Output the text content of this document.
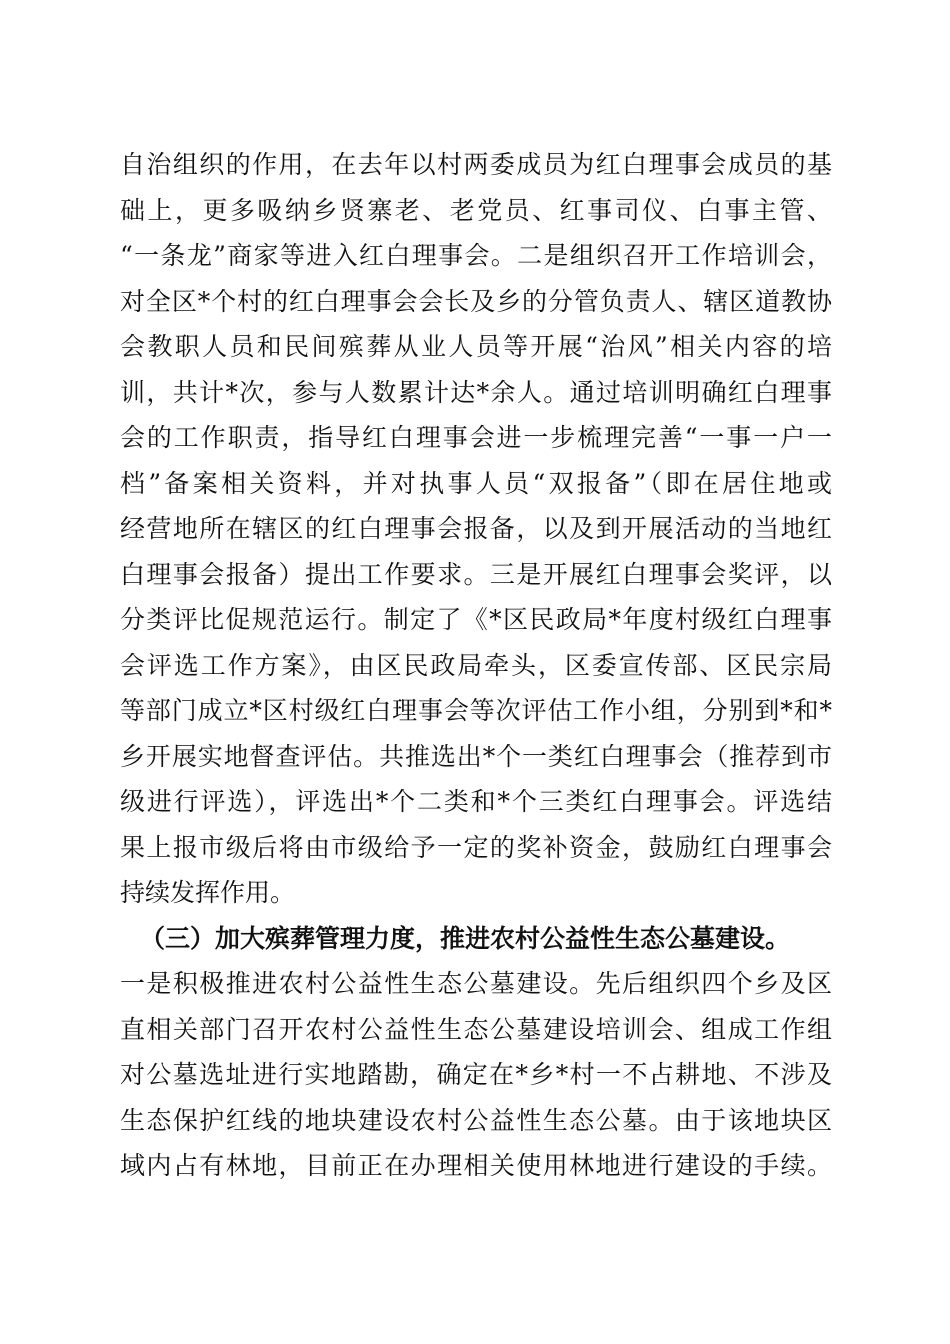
自治组织的作用，在去年以村两委成员为红白理事会成员的基
础上，更多吸纳乡贤寨老、老党员、红事司仪、白事主管、
“一条龙”商家等进入红白理事会。二是组织召开工作培训会，
对全区*个村的红白理事会会长及乡的分管负责人、辖区道教协
会教职人员和民间殡葬从业人员等开展“治风”相关内容的培
训，共计*次，参与人数累计达*余人。通过培训明确红白理事
会的工作职责，指导红白理事会进一步梳理完善“一事一户一
档”备案相关资料，并对执事人员“双报备”（即在居住地或
经营地所在辖区的红白理事会报备，以及到开展活动的当地红
白理事会报备）提出工作要求。三是开展红白理事会奖评，以
分类评比促规范运行。制定了《*区民政局*年度村级红白理事
会评选工作方案》，由区民政局牵头，区委宣传部、区民宗局
等部门成立*区村级红白理事会等次评估工作小组，分别到*和*
乡开展实地督查评估。共推选出*个一类红白理事会（推荐到市
级进行评选），评选出*个二类和*个三类红白理事会。评选结
果上报市级后将由市级给予一定的奖补资金，鼓励红白理事会
持续发挥作用。
（三）加大殡葬管理力度，推进农村公益性生态公墓建设。
一是积极推进农村公益性生态公墓建设。先后组织四个乡及区
直相关部门召开农村公益性生态公墓建设培训会、组成工作组
对公墓选址进行实地踏勘，确定在*乡*村一不占耕地、不涉及
生态保护红线的地块建设农村公益性生态公墓。由于该地块区
域内占有林地，目前正在办理相关使用林地进行建设的手续。
